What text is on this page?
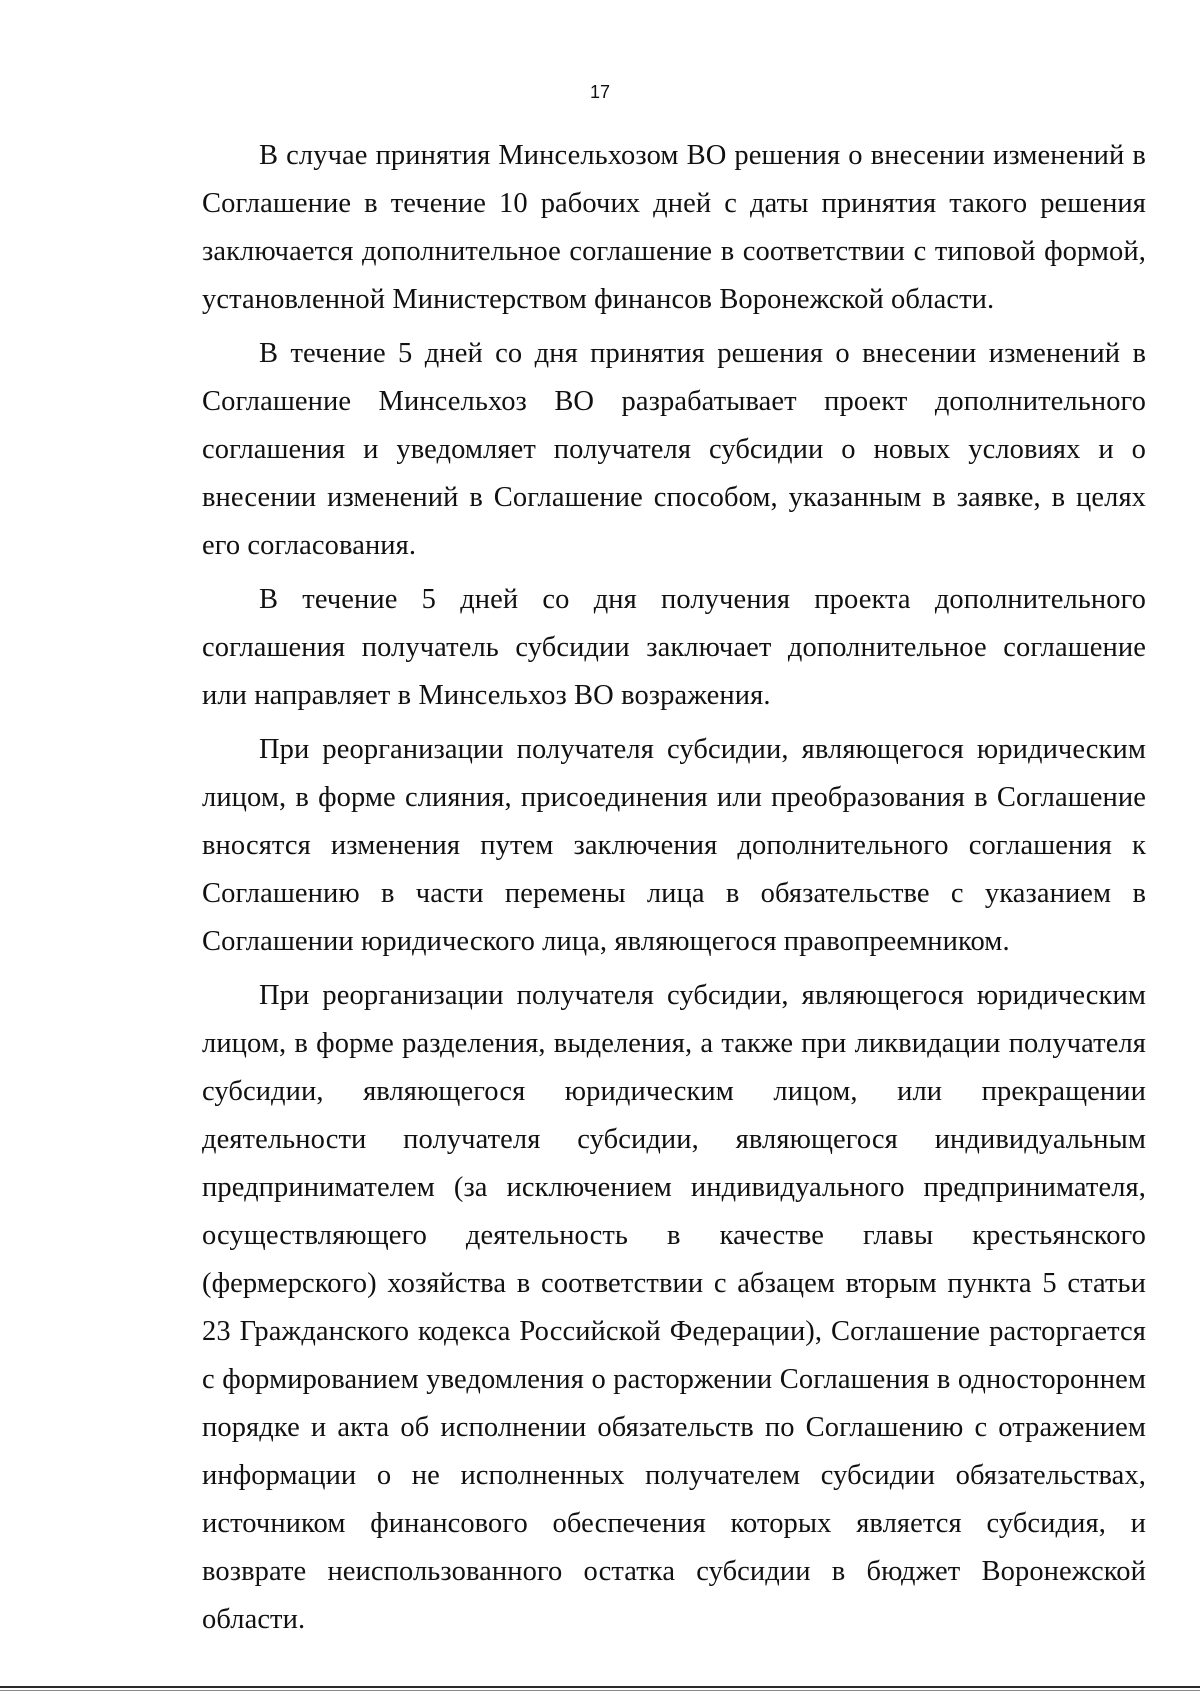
17

В случае принятия Минсельхозом ВО решения о внесении изменений в Соглашение в течение 10 рабочих дней с даты принятия такого решения заключается дополнительное соглашение в соответствии с типовой формой, установленной Министерством финансов Воронежской области.

В течение 5 дней со дня принятия решения о внесении изменений в Соглашение Минсельхоз ВО разрабатывает проект дополнительного соглашения и уведомляет получателя субсидии о новых условиях и о внесении изменений в Соглашение способом, указанным в заявке, в целях его согласования.

В течение 5 дней со дня получения проекта дополнительного соглашения получатель субсидии заключает дополнительное соглашение или направляет в Минсельхоз ВО возражения.

При реорганизации получателя субсидии, являющегося юридическим лицом, в форме слияния, присоединения или преобразования в Соглашение вносятся изменения путем заключения дополнительного соглашения к Соглашению в части перемены лица в обязательстве с указанием в Соглашении юридического лица, являющегося правопреемником.

При реорганизации получателя субсидии, являющегося юридическим лицом, в форме разделения, выделения, а также при ликвидации получателя субсидии, являющегося юридическим лицом, или прекращении деятельности получателя субсидии, являющегося индивидуальным предпринимателем (за исключением индивидуального предпринимателя, осуществляющего деятельность в качестве главы крестьянского (фермерского) хозяйства в соответствии с абзацем вторым пункта 5 статьи 23 Гражданского кодекса Российской Федерации), Соглашение расторгается с формированием уведомления о расторжении Соглашения в одностороннем порядке и акта об исполнении обязательств по Соглашению с отражением информации о не исполненных получателем субсидии обязательствах, источником финансового обеспечения которых является субсидия, и возврате неиспользованного остатка субсидии в бюджет Воронежской области.
